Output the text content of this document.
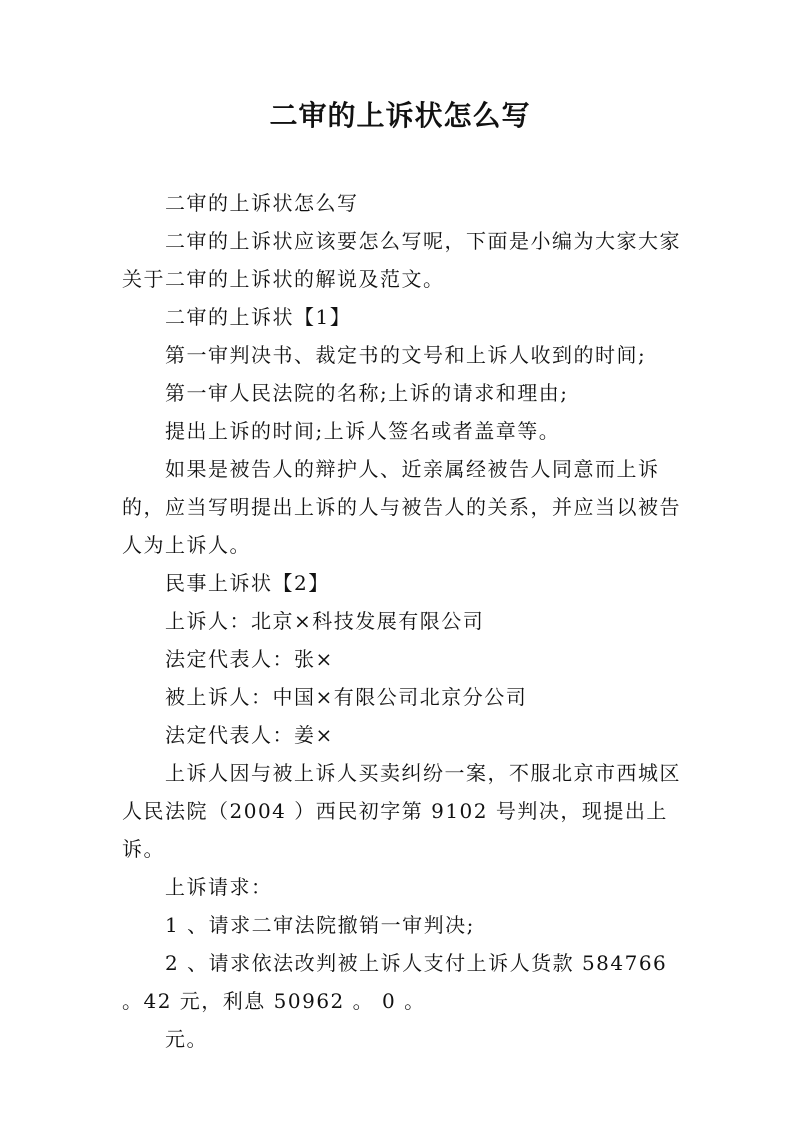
二审的上诉状怎么写

二审的上诉状怎么写

二审的上诉状应该要怎么写呢，下面是小编为大家大家关于二审的上诉状的解说及范文。

二审的上诉状【1】

第一审判决书、裁定书的文号和上诉人收到的时间;

第一审人民法院的名称;上诉的请求和理由;

提出上诉的时间;上诉人签名或者盖章等。

如果是被告人的辩护人、近亲属经被告人同意而上诉的，应当写明提出上诉的人与被告人的关系，并应当以被告人为上诉人。

民事上诉状【2】

上诉人：北京×科技发展有限公司

法定代表人：张×

被上诉人：中国×有限公司北京分公司

法定代表人：姜×

上诉人因与被上诉人买卖纠纷一案，不服北京市西城区人民法院（2004 ）西民初字第 9102 号判决，现提出上诉。

上诉请求：

1 、请求二审法院撤销一审判决;

2 、请求依法改判被上诉人支付上诉人货款 584766 。42 元，利息 50962 。 0 。

元。
